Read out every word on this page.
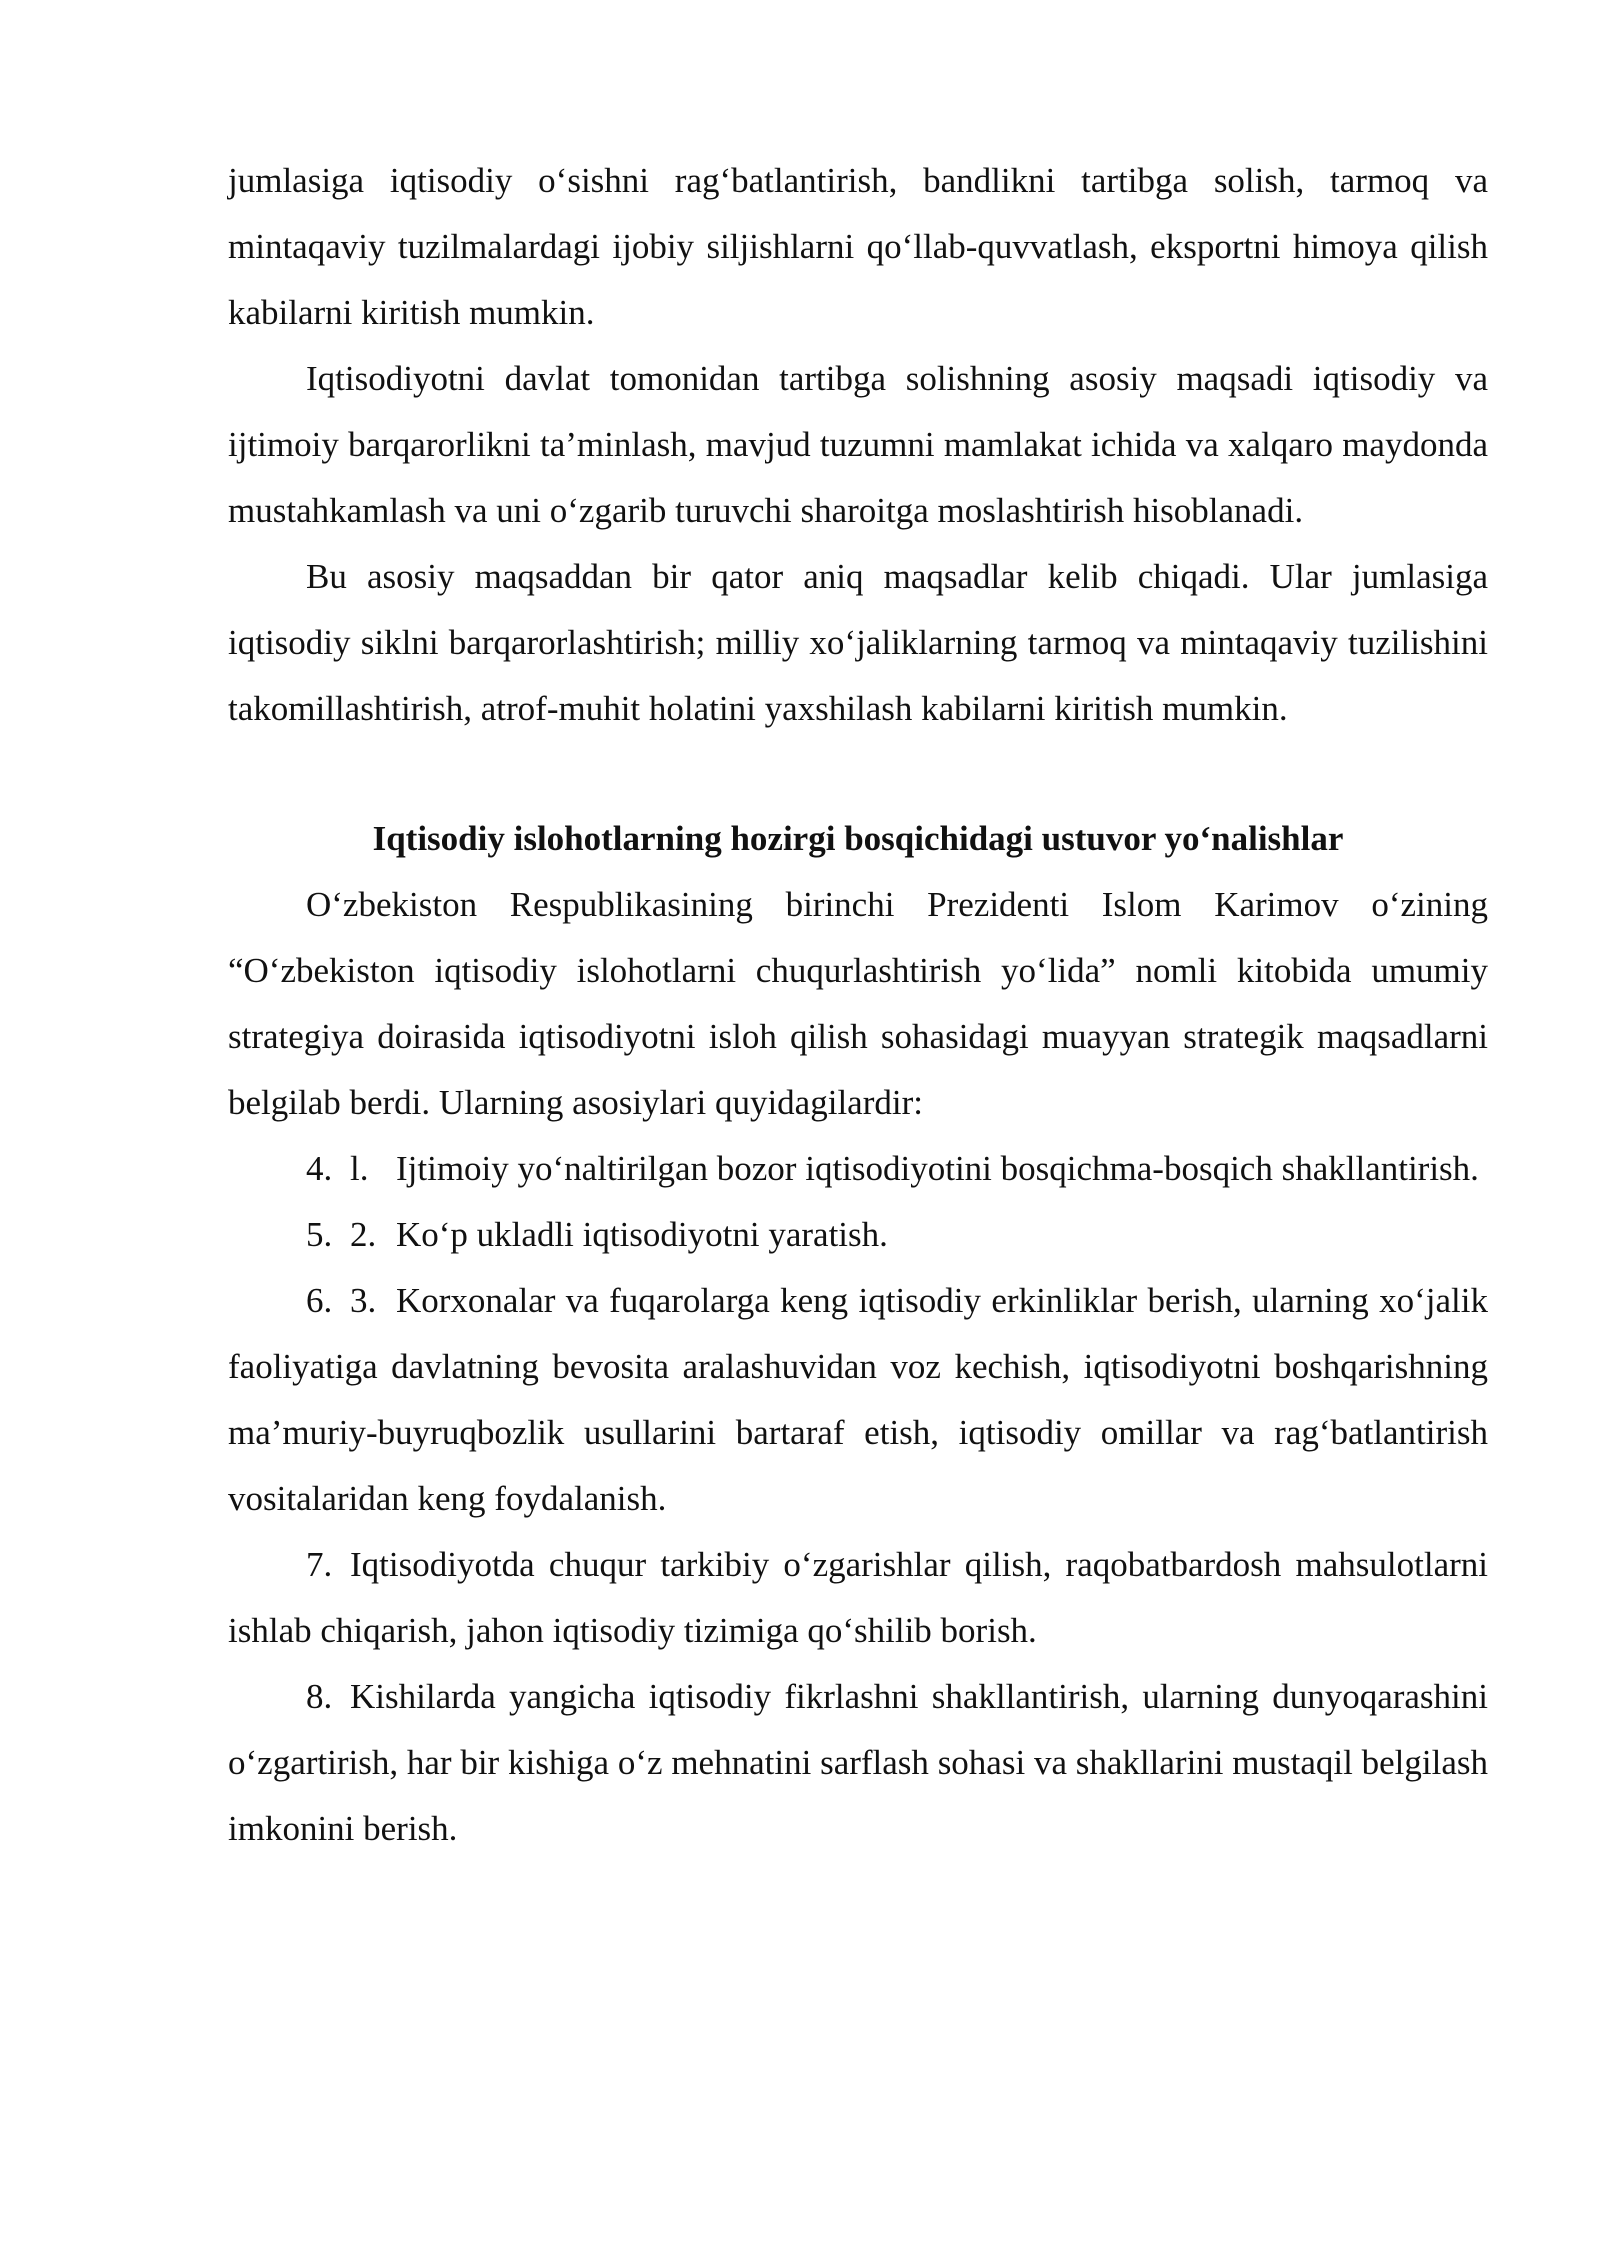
jumlasiga iqtisodiy o‘sishni rag‘batlantirish, bandlikni tartibga solish, tarmoq va mintaqaviy tuzilmalardagi ijobiy siljishlarni qo‘llab-quvvatlash, eksportni himoya qilish kabilarni kiritish mumkin.

Iqtisodiyotni davlat tomonidan tartibga solishning asosiy maqsadi iqtisodiy va ijtimoiy barqarorlikni ta’minlash, mavjud tuzumni mamlakat ichida va xalqaro maydonda mustahkamlash va uni o‘zgarib turuvchi sharoitga moslashtirish hisoblanadi.

Bu asosiy maqsaddan bir qator aniq maqsadlar kelib chiqadi. Ular jumlasiga iqtisodiy siklni barqarorlashtirish; milliy xo‘jaliklarning tarmoq va mintaqaviy tuzilishini takomillashtirish, atrof-muhit holatini yaxshilash kabilarni kiritish mumkin.

Iqtisodiy islohotlarning hozirgi bosqichidagi ustuvor yo‘nalishlar

O‘zbekiston Respublikasining birinchi Prezidenti Islom Karimov o‘zining “O‘zbekiston iqtisodiy islohotlarni chuqurlashtirish yo‘lida” nomli kitobida umumiy strategiya doirasida iqtisodiyotni isloh qilish sohasidagi muayyan strategik maqsadlarni belgilab berdi. Ularning asosiylari quyidagilardir:

4. l. Ijtimoiy yo‘naltirilgan bozor iqtisodiyotini bosqichma-bosqich shakllantirish.

5. 2. Ko‘p ukladli iqtisodiyotni yaratish.

6. 3. Korxonalar va fuqarolarga keng iqtisodiy erkinliklar berish, ularning xo‘jalik faoliyatiga davlatning bevosita aralashuvidan voz kechish, iqtisodiyotni boshqarishning ma’muriy-buyruqbozlik usullarini bartaraf etish, iqtisodiy omillar va rag‘batlantirish vositalaridan keng foydalanish.

7. Iqtisodiyotda chuqur tarkibiy o‘zgarishlar qilish, raqobatbardosh mahsulotlarni ishlab chiqarish, jahon iqtisodiy tizimiga qo‘shilib borish.

8. Kishilarda yangicha iqtisodiy fikrlashni shakllantirish, ularning dunyoqarashini o‘zgartirish, har bir kishiga o‘z mehnatini sarflash sohasi va shakllarini mustaqil belgilash imkonini berish.
